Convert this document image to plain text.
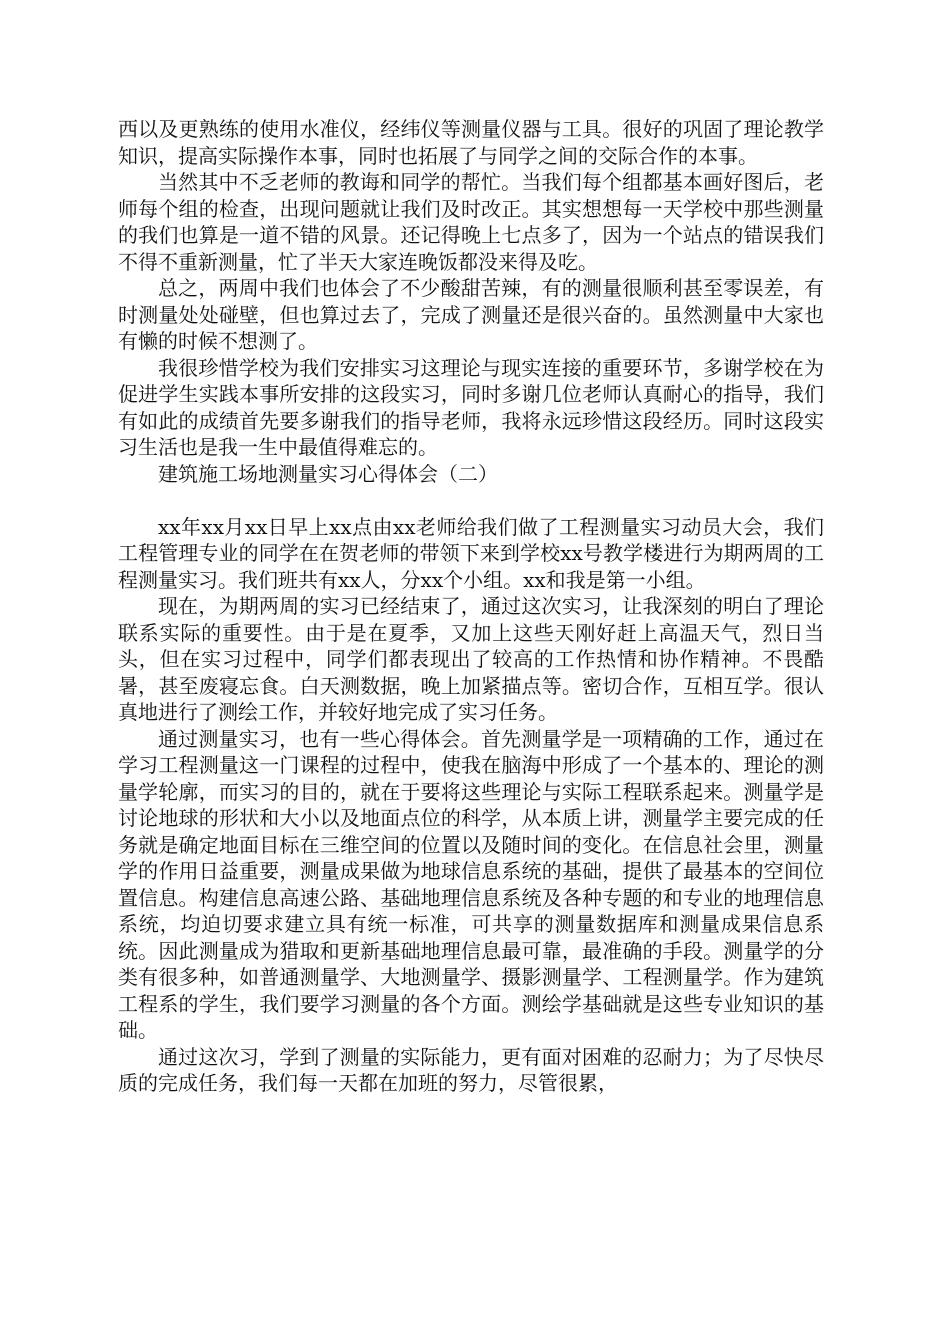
西以及更熟练的使用水准仪，经纬仪等测量仪器与工具。很好的巩固了理论教学知识，提高实际操作本事，同时也拓展了与同学之间的交际合作的本事。

当然其中不乏老师的教诲和同学的帮忙。当我们每个组都基本画好图后，老师每个组的检查，出现问题就让我们及时改正。其实想想每一天学校中那些测量的我们也算是一道不错的风景。还记得晚上七点多了，因为一个站点的错误我们不得不重新测量，忙了半天大家连晚饭都没来得及吃。

总之，两周中我们也体会了不少酸甜苦辣，有的测量很顺利甚至零误差，有时测量处处碰壁，但也算过去了，完成了测量还是很兴奋的。虽然测量中大家也有懒的时候不想测了。

我很珍惜学校为我们安排实习这理论与现实连接的重要环节，多谢学校在为促进学生实践本事所安排的这段实习，同时多谢几位老师认真耐心的指导，我们有如此的成绩首先要多谢我们的指导老师，我将永远珍惜这段经历。同时这段实习生活也是我一生中最值得难忘的。

建筑施工场地测量实习心得体会（二）

xx年xx月xx日早上xx点由xx老师给我们做了工程测量实习动员大会，我们工程管理专业的同学在在贺老师的带领下来到学校xx号教学楼进行为期两周的工程测量实习。我们班共有xx人，分xx个小组。xx和我是第一小组。

现在，为期两周的实习已经结束了，通过这次实习，让我深刻的明白了理论联系实际的重要性。由于是在夏季，又加上这些天刚好赶上高温天气，烈日当头，但在实习过程中，同学们都表现出了较高的工作热情和协作精神。不畏酷暑，甚至废寝忘食。白天测数据，晚上加紧描点等。密切合作，互相互学。很认真地进行了测绘工作，并较好地完成了实习任务。

通过测量实习，也有一些心得体会。首先测量学是一项精确的工作，通过在学习工程测量这一门课程的过程中，使我在脑海中形成了一个基本的、理论的测量学轮廓，而实习的目的，就在于要将这些理论与实际工程联系起来。测量学是讨论地球的形状和大小以及地面点位的科学，从本质上讲，测量学主要完成的任务就是确定地面目标在三维空间的位置以及随时间的变化。在信息社会里，测量学的作用日益重要，测量成果做为地球信息系统的基础，提供了最基本的空间位置信息。构建信息高速公路、基础地理信息系统及各种专题的和专业的地理信息系统，均迫切要求建立具有统一标准，可共享的测量数据库和测量成果信息系统。因此测量成为猎取和更新基础地理信息最可靠，最准确的手段。测量学的分类有很多种，如普通测量学、大地测量学、摄影测量学、工程测量学。作为建筑工程系的学生，我们要学习测量的各个方面。测绘学基础就是这些专业知识的基础。

通过这次习，学到了测量的实际能力，更有面对困难的忍耐力；为了尽快尽质的完成任务，我们每一天都在加班的努力，尽管很累，
